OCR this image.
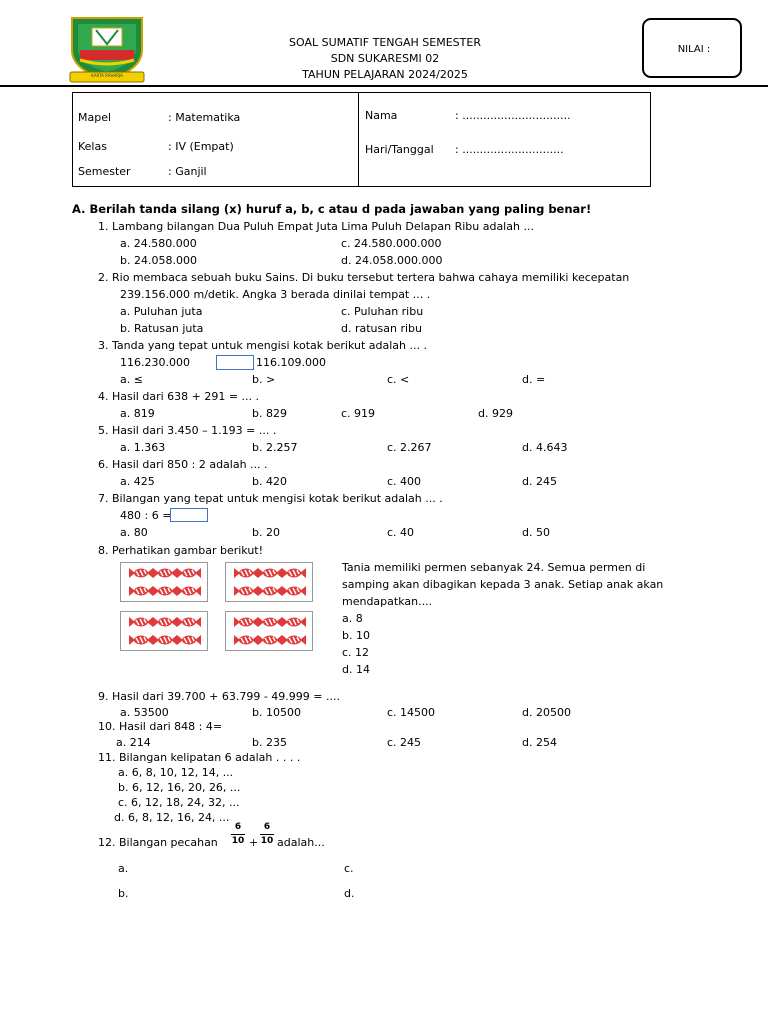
KARTA RAHARJA
SOAL SUMATIF TENGAH SEMESTER
SDN SUKARESMI 02
TAHUN PELAJARAN 2024/2025
NILAI :
Mapel	: Matematika
Kelas	: IV (Empat)
Semester	: Ganjil
Nama	: ...............................
Hari/Tanggal : .............................
A. Berilah tanda silang (x) huruf a, b, c atau d pada jawaban yang paling benar!
1. Lambang bilangan Dua Puluh Empat Juta Lima Puluh Delapan Ribu adalah ...
a. 24.580.000	c. 24.580.000.000
b. 24.058.000	d. 24.058.000.000
2. Rio membaca sebuah buku Sains. Di buku tersebut tertera bahwa cahaya memiliki kecepatan
239.156.000 m/detik. Angka 3 berada dinilai tempat ... .
a. Puluhan juta	c. Puluhan ribu
b. Ratusan juta	d. ratusan ribu
3. Tanda yang tepat untuk mengisi kotak berikut adalah ... .
116.230.000	116.109.000
a. ≤	b. >	c. <	d. =
4. Hasil dari 638 + 291 = ... .
a. 819	b. 829	c. 919	d. 929
5. Hasil dari 3.450 – 1.193 = ... .
a. 1.363	b. 2.257	c. 2.267	d. 4.643
6. Hasil dari 850 : 2 adalah ... .
a. 425	b. 420	c. 400	d. 245
7. Bilangan yang tepat untuk mengisi kotak berikut adalah ... .
480 : 6 =
a. 80	b. 20	c. 40	d. 50
8. Perhatikan gambar berikut!
Tania memiliki permen sebanyak 24. Semua permen di
samping akan dibagikan kepada 3 anak. Setiap anak akan
mendapatkan....
a. 8
b. 10
c. 12
d. 14
9. Hasil dari 39.700 + 63.799 - 49.999 = ....
a. 53500	b. 10500	c. 14500	d. 20500
10. Hasil dari 848 : 4=
a. 214	b. 235	c. 245	d. 254
11. Bilangan kelipatan 6 adalah . . . .
a. 6, 8, 10, 12, 14, ...
b. 6, 12, 16, 20, 26, ...
c. 6, 12, 18, 24, 32, ...
d. 6, 8, 12, 16, 24, ...
12. Bilangan pecahan
6
10 +
6
10 adalah...
a.	c.
b.	d.
